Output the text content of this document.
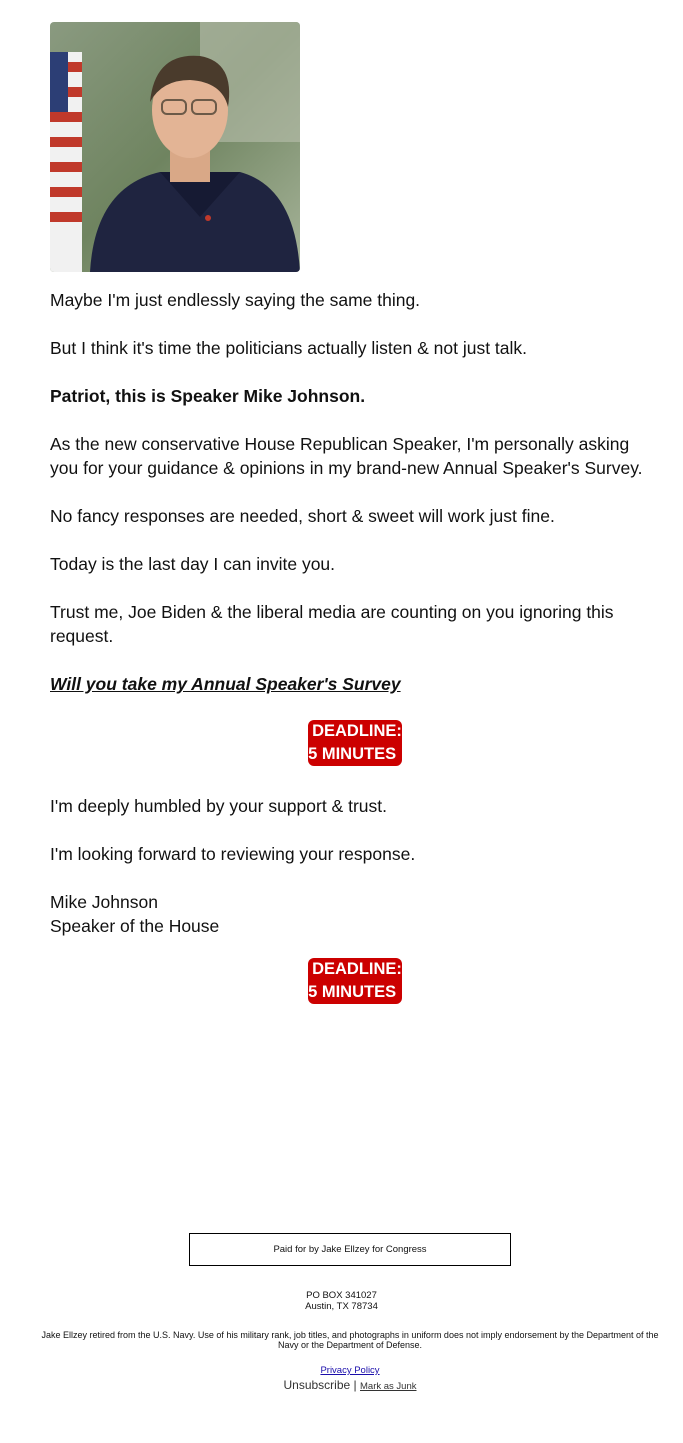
Maybe I'm just endlessly saying the same thing.

But I think it's time the politicians actually listen & not just talk.

Patriot, this is Speaker Mike Johnson.

As the new conservative House Republican Speaker, I'm personally asking you for your guidance & opinions in my brand-new Annual Speaker's Survey.

No fancy responses are needed, short & sweet will work just fine.

Today is the last day I can invite you.

Trust me, Joe Biden & the liberal media are counting on you ignoring this request.

Will you take my Annual Speaker's Survey

DEADLINE:
5 MINUTES

I'm deeply humbled by your support & trust.

I'm looking forward to reviewing your response.

Mike Johnson

Speaker of the House

DEADLINE:
5 MINUTES
Paid for by Jake Ellzey for Congress
PO BOX 341027
Austin, TX 78734
Jake Ellzey retired from the U.S. Navy. Use of his military rank, job titles, and photographs in uniform does not imply endorsement by the Department of the Navy or the Department of Defense.
Privacy Policy
Unsubscribe | Mark as Junk
